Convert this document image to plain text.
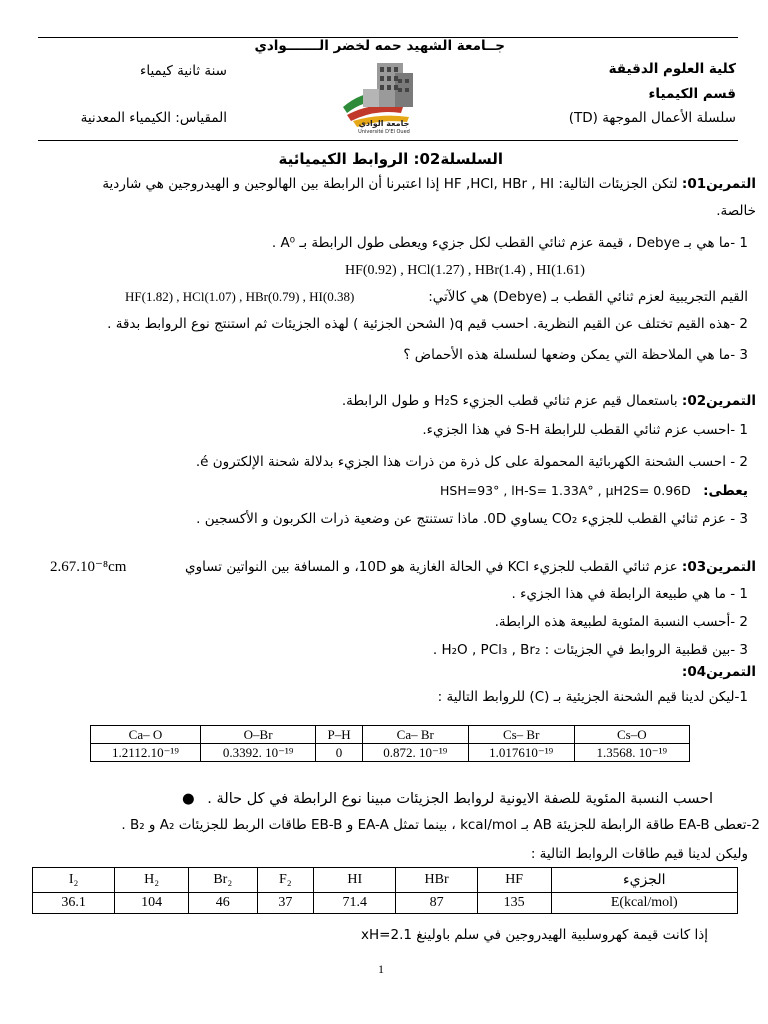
جــامعة الشهيد حمه لخضر الـــــــوادي
كلية العلوم الدقيقة
قسم الكيمياء
سلسلة الأعمال الموجهة (TD)
سنة ثانية كيمياء
المقياس: الكيمياء المعدنية	جامعة الوادي
Université D'El Oued
السلسلة02: الروابط الكيميائية
التمرين01: لتكن الجزيئات التالية: HF ,HCl, HBr , HI إذا اعتبرنا أن الرابطة بين الهالوجين و الهيدروجين هي شاردية
خالصة.
1 -ما هي بـ Debye ، قيمة عزم ثنائي القطب لكل جزيء ويعطى طول الرابطة بـ A⁰ .
HF(0.92) , HCl(1.27) , HBr(1.4) , HI(1.61)
القيم التجريبية لعزم ثنائي القطب بـ (Debye) هي كالآتي:
HF(1.82) , HCl(1.07) , HBr(0.79) , HI(0.38)
2 -هذه القيم تختلف عن القيم النظرية. احسب قيم q( الشحن الجزئية ) لهذه الجزيئات ثم استنتج نوع الروابط بدقة .
3 -ما هي الملاحظة التي يمكن وضعها لسلسلة هذه الأحماض ؟
التمرين02: باستعمال قيم عزم ثنائي قطب الجزيء H₂S و طول الرابطة.
1 -احسب عزم ثنائي القطب للرابطة S-H في هذا الجزيء.
2 - احسب الشحنة الكهربائية المحمولة على كل ذرة من ذرات هذا الجزيء بدلالة شحنة الإلكترون é.
يعطى:
HSH=93° , lH-S= 1.33A° , μH2S= 0.96D
3 - عزم ثنائي القطب للجزيء CO₂ يساوي 0D. ماذا تستنتج عن وضعية ذرات الكربون و الأكسجين .
التمرين03: عزم ثنائي القطب للجزيء KCl في الحالة الغازية هو 10D، و المسافة بين النواتين تساوي
2.67.10⁻⁸cm
1 - ما هي طبيعة الرابطة في هذا الجزيء .
2 -أحسب النسبة المئوية لطبيعة هذه الرابطة.
3 -بين قطبية الروابط في الجزيئات : H₂O , PCl₃ , Br₂ .
التمرين04:
1-ليكن لدينا قيم الشحنة الجزيئية بـ (C) للروابط التالية :
Ca– O	O–Br	P–H	Ca– Br	Cs– Br	Cs–O
1.2112.10⁻¹⁹	0.3392. 10⁻¹⁹	0	0.872. 10⁻¹⁹	1.017610⁻¹⁹	1.3568. 10⁻¹⁹
احسب النسبة المئوية للصفة الايونية لروابط الجزيئات مبينا نوع الرابطة في كل حالة . ●
2-تعطى EA-B طاقة الرابطة للجزيئة AB بـ kcal/mol ، بينما تمثل EA-A و EB-B طاقات الربط للجزيئات A₂ و B₂ .
وليكن لدينا قيم طاقات الروابط التالية :
I₂	H₂	Br₂	F₂	HI	HBr	HF	الجزيء
36.1	104	46	37	71.4	87	135	E(kcal/mol)
إذا كانت قيمة كهروسلبية الهيدروجين في سلم باولينغ xH=2.1
1
